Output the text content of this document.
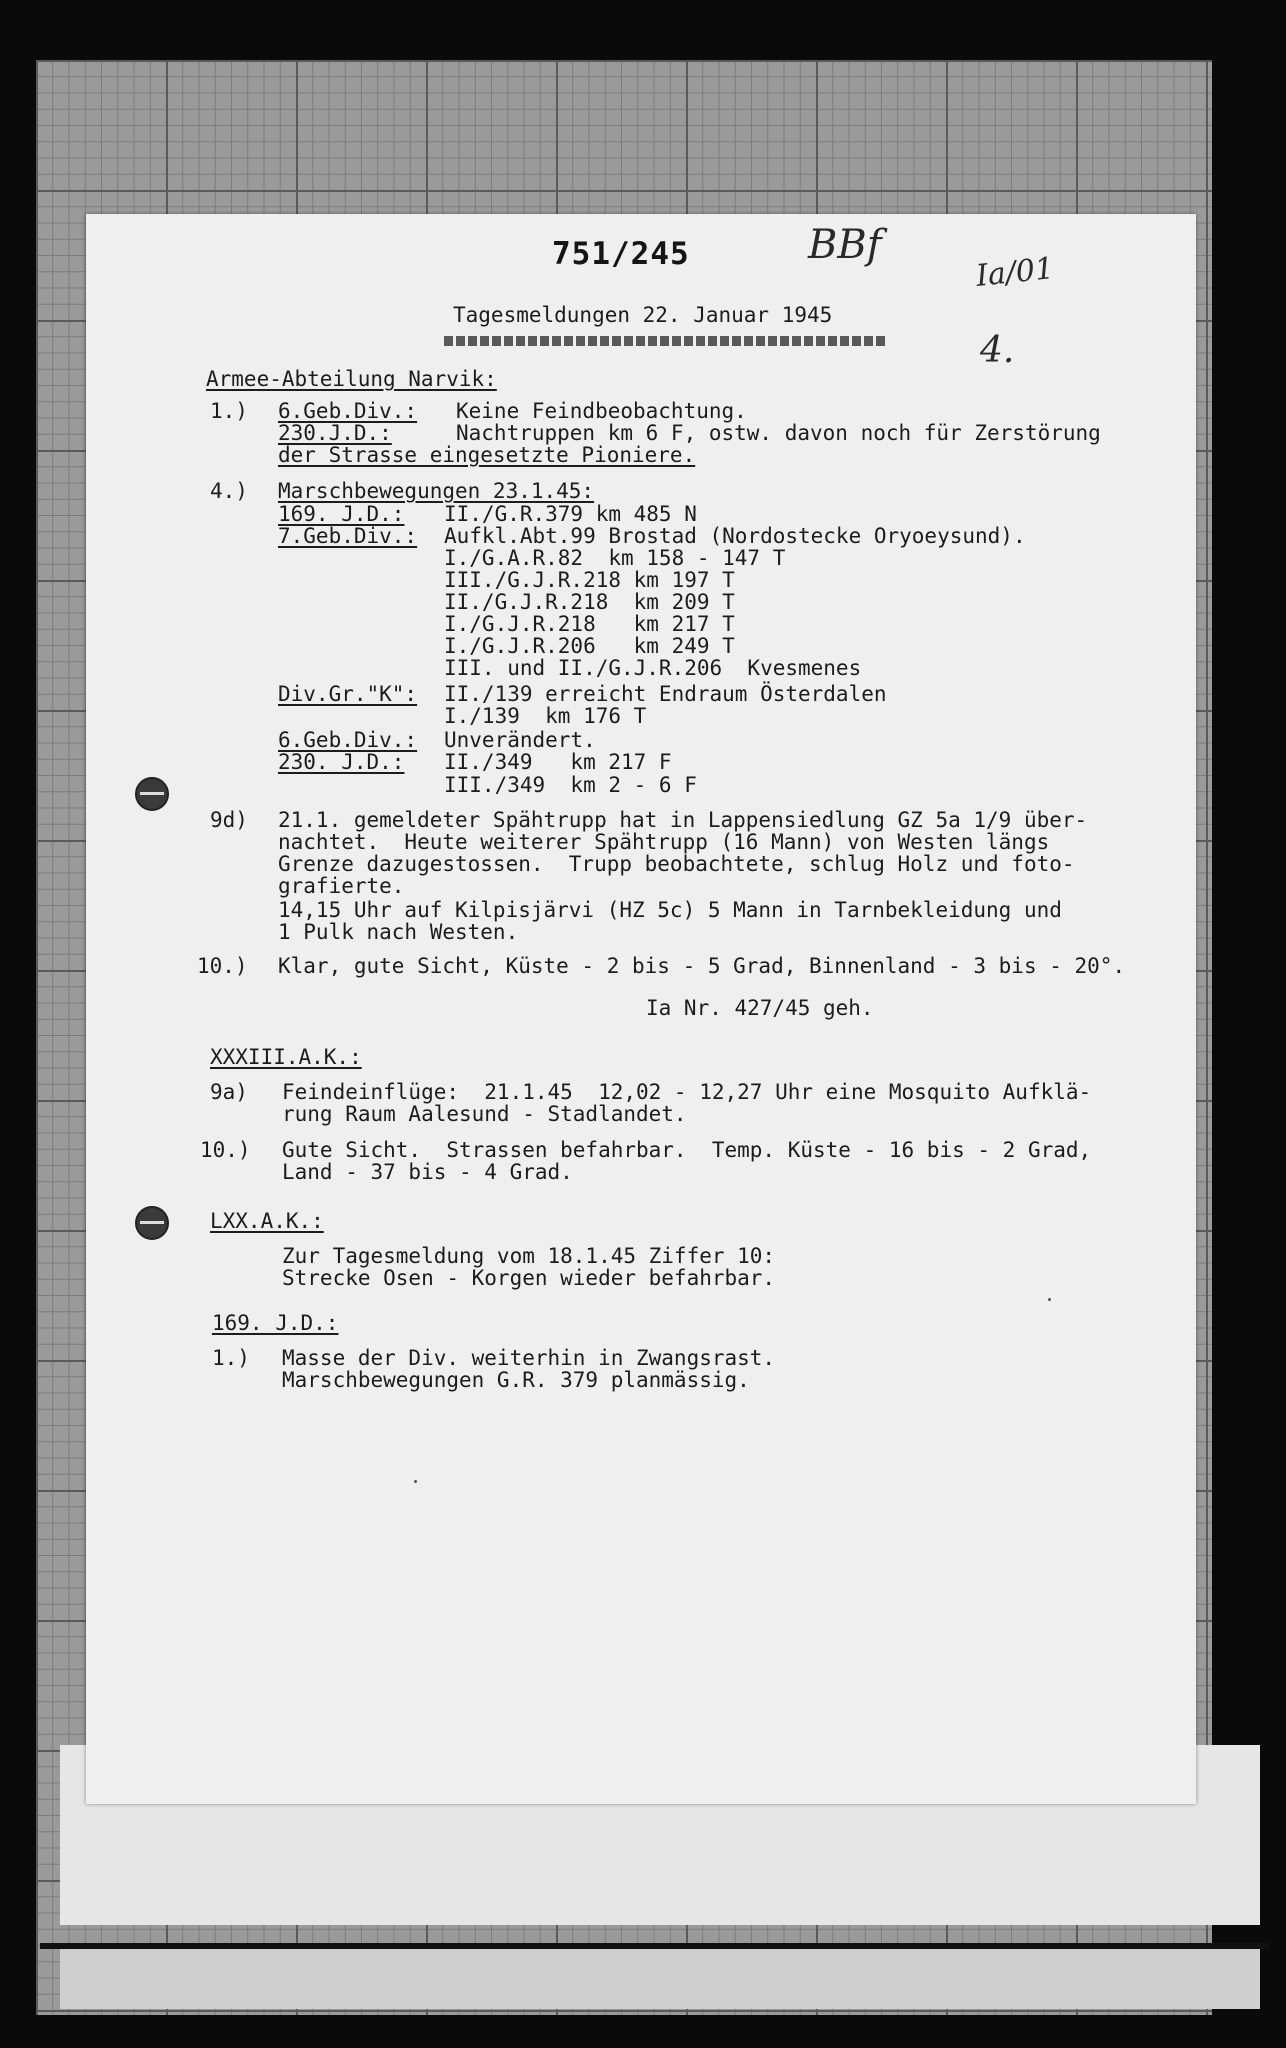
751/245	BBf
Ia/01
4.
Tagesmeldungen 22. Januar 1945
Armee-Abteilung Narvik:
1.) 6.Geb.Div.: Keine Feindbeobachtung.
230.J.D.:	Nachtruppen km 6 F, ostw. davon noch für Zerstörung
der Strasse eingesetzte Pioniere.
4.) Marschbewegungen 23.1.45:
169. J.D.: II./G.R.379 km 485 N
7.Geb.Div.: Aufkl.Abt.99 Brostad (Nordostecke Oryoeysund).
I./G.A.R.82  km 158 - 147 T
III./G.J.R.218 km 197 T
II./G.J.R.218  km 209 T
I./G.J.R.218   km 217 T
I./G.J.R.206   km 249 T
III. und II./G.J.R.206  Kvesmenes
Div.Gr."K": II./139 erreicht Endraum Österdalen
I./139  km 176 T
6.Geb.Div.: Unverändert.
230. J.D.: II./349   km 217 F
III./349  km 2 - 6 F
9d) 21.1. gemeldeter Spähtrupp hat in Lappensiedlung GZ 5a 1/9 über-
nachtet.  Heute weiterer Spähtrupp (16 Mann) von Westen längs
Grenze dazugestossen.  Trupp beobachtete, schlug Holz und foto-
grafierte.
14,15 Uhr auf Kilpisjärvi (HZ 5c) 5 Mann in Tarnbekleidung und
1 Pulk nach Westen.
10.) Klar, gute Sicht, Küste - 2 bis - 5 Grad, Binnenland - 3 bis - 20°.
Ia Nr. 427/45 geh.
XXXIII.A.K.:
9a) Feindeinflüge:  21.1.45  12,02 - 12,27 Uhr eine Mosquito Aufklä-
rung Raum Aalesund - Stadlandet.
10.) Gute Sicht.  Strassen befahrbar.  Temp. Küste - 16 bis - 2 Grad,
Land - 37 bis - 4 Grad.
LXX.A.K.:
Zur Tagesmeldung vom 18.1.45 Ziffer 10:
Strecke Osen - Korgen wieder befahrbar.
169. J.D.:
1.) Masse der Div. weiterhin in Zwangsrast.
Marschbewegungen G.R. 379 planmässig.
